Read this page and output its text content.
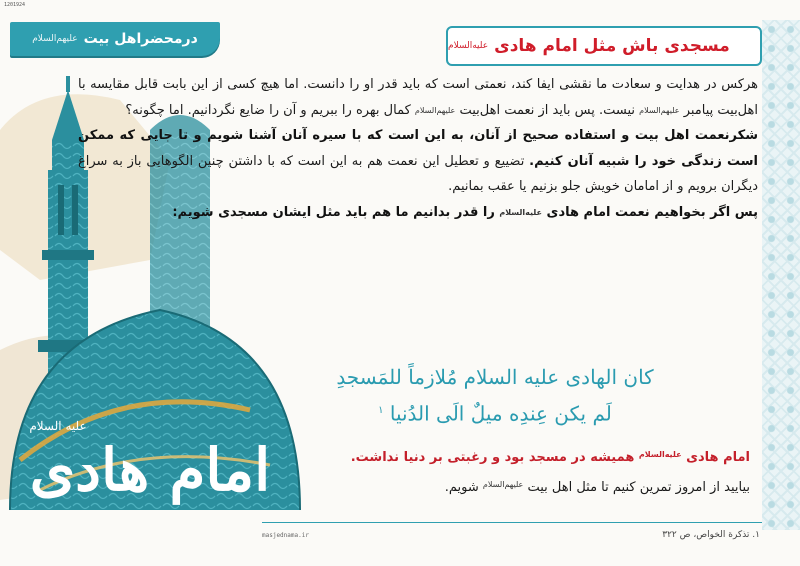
1201924
امام هادی
علیه السلام
درمحضراهل بیت
علیهم‌السلام	مسجدی باش مثل امام هادی
علیه‌السلام

هرکس در هدایت و سعادت ما نقشی ایفا کند، نعمتی است که باید قدر او را دانست. اما هیچ کسی از این بابت قابل مقایسه با اهل‌بیت پیامبر $^{علیهم‌السلام}$ نیست. پس باید از نعمت اهل‌بیت $^{علیهم‌السلام}$ کمال بهره را ببریم و آن را ضایع نگردانیم. اما چگونه؟

شکرنعمت اهل بیت و استفاده صحیح از آنان، به این است که با سیره آنان آشنا شویم و تا جایی که ممکن است زندگی خود را شبیه آنان کنیم. تضییع و تعطیل این نعمت هم به این است که با داشتن چنین الگوهایی باز به سراغ دیگران برویم و از امامان خویش جلو بزنیم یا عقب بمانیم.

پس اگر بخواهیم نعمت امام هادی $^{علیه‌السلام}$ را قدر بدانیم ما هم باید مثل ایشان مسجدی شویم:

کان الهادی علیه السلام مُلازماً للمَسجدِ
لَم یکن عِندِه میلٌ الَی الدُنیا $^۱$
امام هادی $^{علیه‌السلام}$ همیشه در مسجد بود و رغبتی بر دنیا نداشت.
بیایید از امروز تمرین کنیم تا مثل اهل بیت $^{علیهم‌السلام}$ شویم.
۱. تذکرة الخواص، ص ۳۲۲
masjednama.ir
